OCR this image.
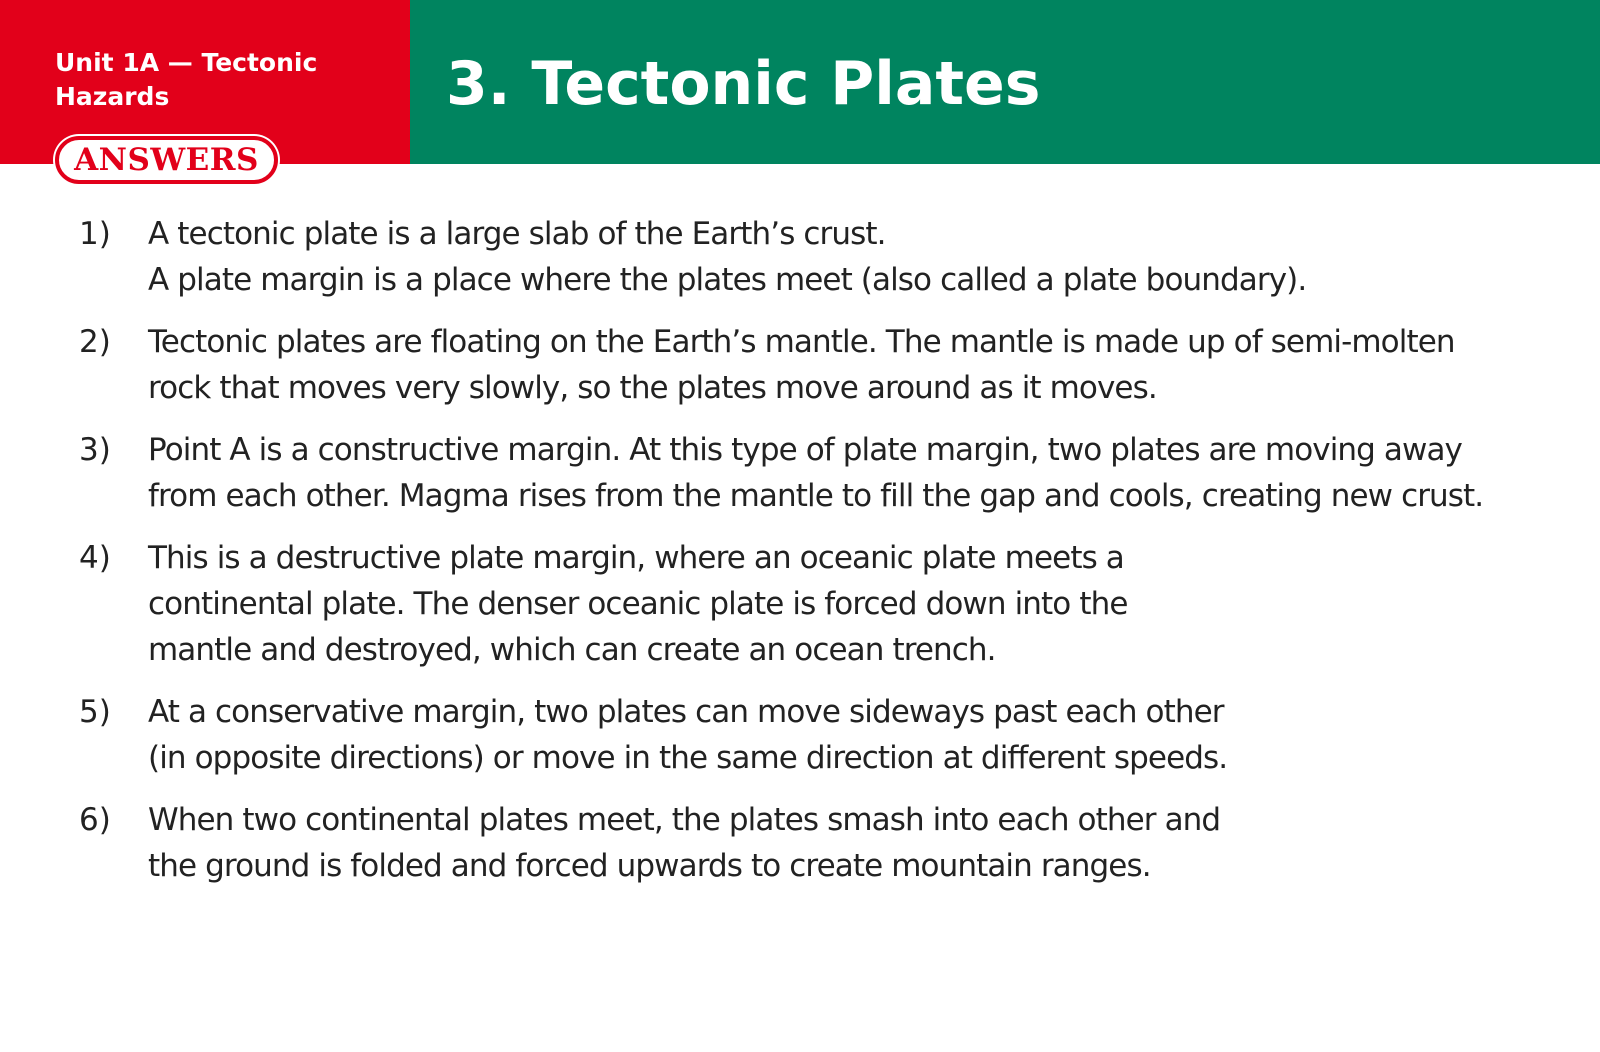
Unit 1A — Tectonic
Hazards	3. Tectonic Plates
ANSWERS
1) A tectonic plate is a large slab of the Earth’s crust.
A plate margin is a place where the plates meet (also called a plate boundary).
2) Tectonic plates are floating on the Earth’s mantle. The mantle is made up of semi-molten
rock that moves very slowly, so the plates move around as it moves.
3) Point A is a constructive margin. At this type of plate margin, two plates are moving away
from each other. Magma rises from the mantle to fill the gap and cools, creating new crust.
4) This is a destructive plate margin, where an oceanic plate meets a
continental plate. The denser oceanic plate is forced down into the
mantle and destroyed, which can create an ocean trench.
5) At a conservative margin, two plates can move sideways past each other
(in opposite directions) or move in the same direction at different speeds.
6) When two continental plates meet, the plates smash into each other and
the ground is folded and forced upwards to create mountain ranges.
